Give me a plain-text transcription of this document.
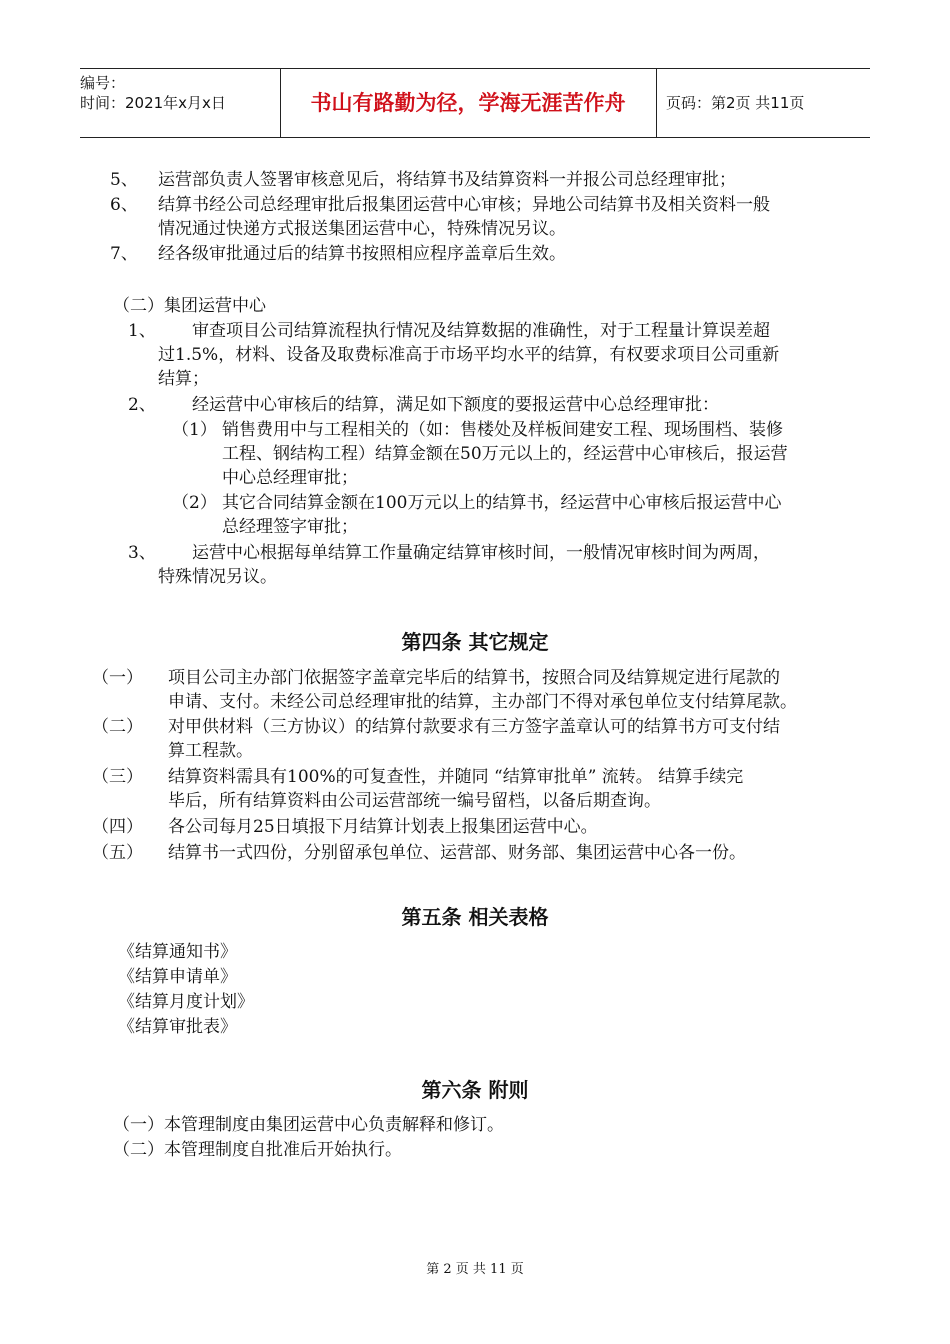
编号：
时间：2021年x月x日	书山有路勤为径，学海无涯苦作舟	页码：第2页 共11页
5、 运营部负责人签署审核意见后，将结算书及结算资料一并报公司总经理审批；
6、 结算书经公司总经理审批后报集团运营中心审核；异地公司结算书及相关资料一般
情况通过快递方式报送集团运营中心，特殊情况另议。
7、 经各级审批通过后的结算书按照相应程序盖章后生效。
（二）集团运营中心
1、 审查项目公司结算流程执行情况及结算数据的准确性，对于工程量计算误差超
过1.5%，材料、设备及取费标准高于市场平均水平的结算，有权要求项目公司重新
结算；
2、 经运营中心审核后的结算，满足如下额度的要报运营中心总经理审批：
（1） 销售费用中与工程相关的（如：售楼处及样板间建安工程、现场围档、装修
工程、钢结构工程）结算金额在50万元以上的，经运营中心审核后，报运营
中心总经理审批；
（2） 其它合同结算金额在100万元以上的结算书，经运营中心审核后报运营中心
总经理签字审批；
3、 运营中心根据每单结算工作量确定结算审核时间，一般情况审核时间为两周，
特殊情况另议。
第四条 其它规定
（一） 项目公司主办部门依据签字盖章完毕后的结算书，按照合同及结算规定进行尾款的
申请、支付。未经公司总经理审批的结算，主办部门不得对承包单位支付结算尾款。
（二） 对甲供材料（三方协议）的结算付款要求有三方签字盖章认可的结算书方可支付结
算工程款。
（三） 结算资料需具有100%的可复查性，并随同 “结算审批单” 流转。 结算手续完
毕后，所有结算资料由公司运营部统一编号留档，以备后期查询。
（四） 各公司每月25日填报下月结算计划表上报集团运营中心。
（五） 结算书一式四份，分别留承包单位、运营部、财务部、集团运营中心各一份。
第五条 相关表格
《结算通知书》
《结算申请单》
《结算月度计划》
《结算审批表》
第六条 附则
（一）本管理制度由集团运营中心负责解释和修订。
（二）本管理制度自批准后开始执行。
第 2 页 共 11 页
